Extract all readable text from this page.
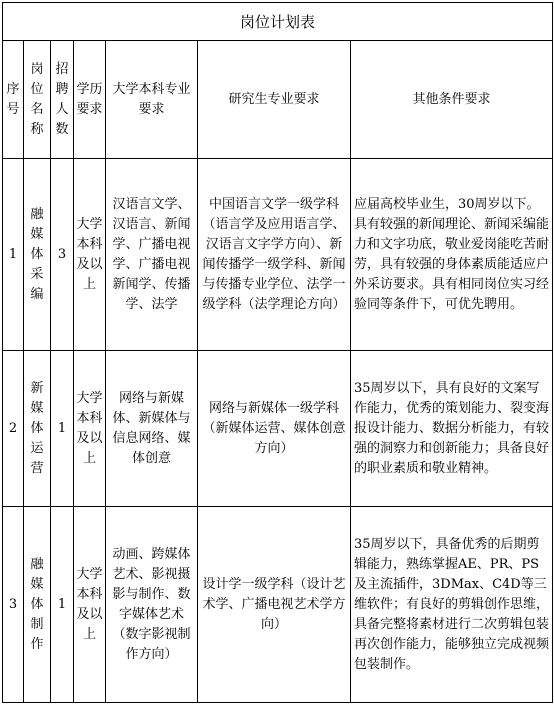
岗位计划表						
序号	岗位名称	招聘人数	学历要求	大学本科专业要求	研究生专业要求	其他条件要求
1	融媒体采编	3	大学本科及以上	汉语言文学、汉语言、新闻学、广播电视学、广播电视新闻学、传播学、法学	中国语言文学一级学科（语言学及应用语言学、汉语言文字学方向）、新闻传播学一级学科、新闻与传播专业学位、法学一级学科（法学理论方向）	应届高校毕业生，30周岁以下。具有较强的新闻理论、新闻采编能力和文字功底，敬业爱岗能吃苦耐劳，具有较强的身体素质能适应户外采访要求。具有相同岗位实习经验同等条件下，可优先聘用。
2	新媒体运营	1	大学本科及以上	网络与新媒体、新媒体与信息网络、媒体创意	网络与新媒体一级学科（新媒体运营、媒体创意方向）	35周岁以下，具有良好的文案写作能力，优秀的策划能力、裂变海报设计能力、数据分析能力，有较强的洞察力和创新能力；具备良好的职业素质和敬业精神。
3	融媒体制作	1	大学本科及以上	动画、跨媒体艺术、影视摄影与制作、数字媒体艺术（数字影视制作方向）	设计学一级学科（设计艺术学、广播电视艺术学方向）	35周岁以下，具备优秀的后期剪辑能力，熟练掌握AE、PR、PS及主流插件，3DMax、C4D等三维软件；有良好的剪辑创作思维，具备完整将素材进行二次剪辑包装再次创作能力，能够独立完成视频包装制作。
